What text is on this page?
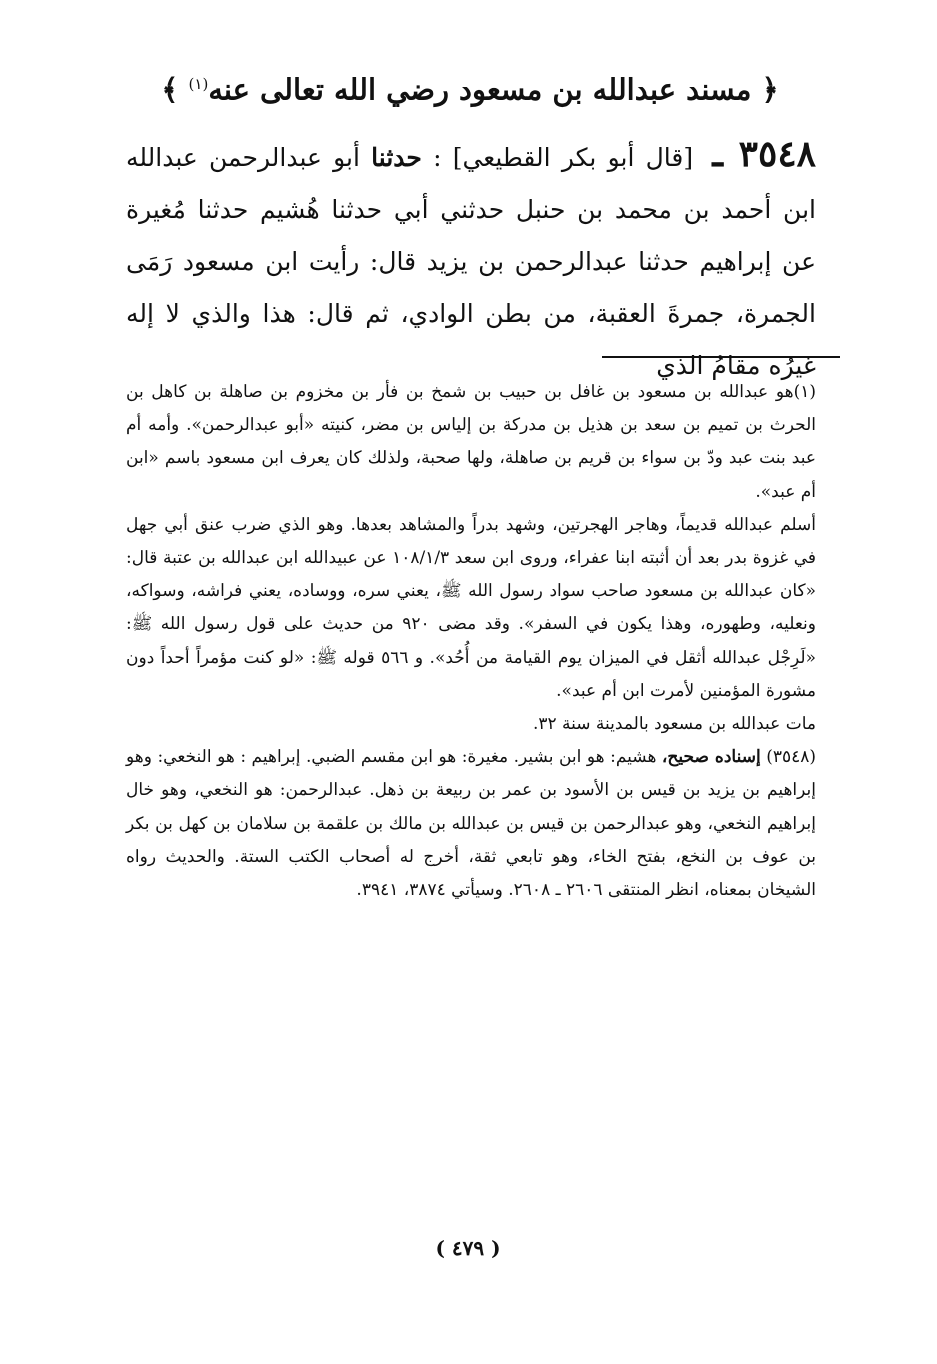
﴿ مسند عبدالله بن مسعود رضي الله تعالى عنه$^{(١)}$ ﴾
٣٥٤٨ ـ [قال أبو بكر القطيعي] : حدثنا أبو عبدالرحمن عبدالله ابن أحمد بن محمد بن حنبل حدثني أبي حدثنا هُشيم حدثنا مُغيرة عن إبراهيم حدثنا عبدالرحمن بن يزيد قال: رأيت ابن مسعود رَمَى الجمرة، جمرةَ العقبة، من بطن الوادي، ثم قال: هذا والذي لا إله غيرُه مقامُ الذي

(١)هو عبدالله بن مسعود بن غافل بن حبيب بن شمخ بن فأر بن مخزوم بن صاهلة بن كاهل بن الحرث بن تميم بن سعد بن هذيل بن مدركة بن إلياس بن مضر، كنيته «أبو عبدالرحمن». وأمه أم عبد بنت عبد ودّ بن سواء بن قريم بن صاهلة، ولها صحبة، ولذلك كان يعرف ابن مسعود باسم «ابن أم عبد».

أسلم عبدالله قديماً، وهاجر الهجرتين، وشهد بدراً والمشاهد بعدها. وهو الذي ضرب عنق أبي جهل في غزوة بدر بعد أن أثبته ابنا عفراء، وروى ابن سعد ١٠٨/١/٣ عن عبيدالله ابن عبدالله بن عتبة قال: «كان عبدالله بن مسعود صاحب سواد رسول الله ﷺ، يعني سره، ووساده، يعني فراشه، وسواكه، ونعليه، وطهوره، وهذا يكون في السفر». وقد مضى ٩٢٠ من حديث على قول رسول الله ﷺ: «لَرِجْل عبدالله أثقل في الميزان يوم القيامة من أُحُد». و ٥٦٦ قوله ﷺ: «لو كنت مؤمراً أحداً دون مشورة المؤمنين لأمرت ابن أم عبد».

مات عبدالله بن مسعود بالمدينة سنة ٣٢.

(٣٥٤٨) إسناده صحيح، هشيم: هو ابن بشير. مغيرة: هو ابن مقسم الضبي. إبراهيم : هو النخعي: وهو إبراهيم بن يزيد بن قيس بن الأسود بن عمر بن ربيعة بن ذهل. عبدالرحمن: هو النخعي، وهو خال إبراهيم النخعي، وهو عبدالرحمن بن قيس بن عبدالله بن مالك بن علقمة بن سلامان بن كهل بن بكر بن عوف بن النخع، بفتح الخاء، وهو تابعي ثقة، أخرج له أصحاب الكتب الستة. والحديث رواه الشيخان بمعناه، انظر المنتقى ٢٦٠٦ ـ ٢٦٠٨. وسيأتي ٣٨٧٤، ٣٩٤١.

( ٤٧٩ )
